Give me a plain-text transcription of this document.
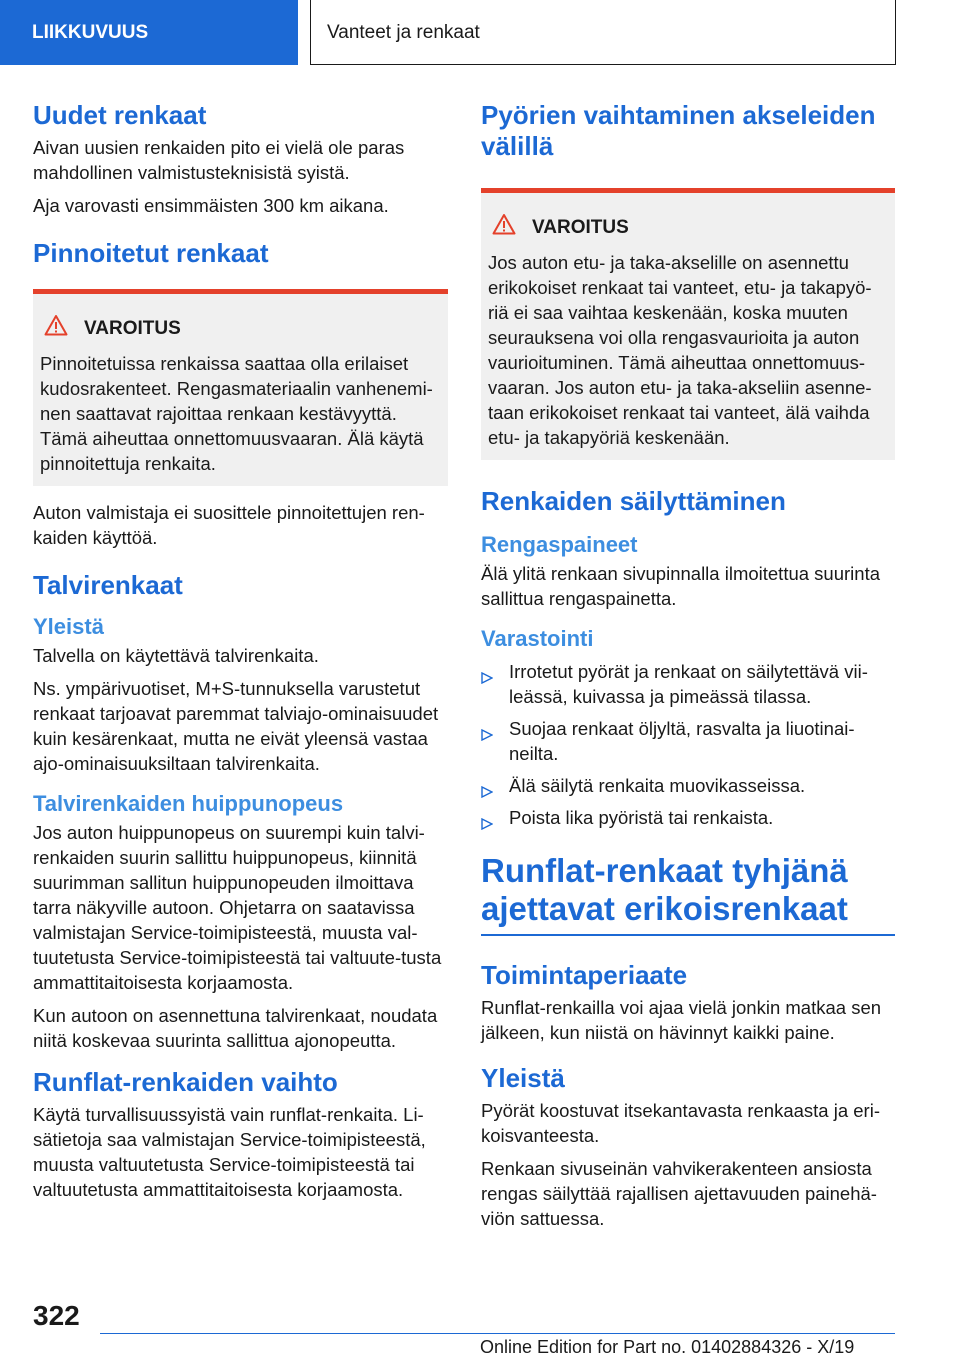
LIIKKUVUUS	Vanteet ja renkaat
Uudet renkaat

Aivan uusien renkaiden pito ei vielä ole paras mahdollinen valmistusteknisistä syistä.

Aja varovasti ensimmäisten 300 km aikana.

Pinnoitetut renkaat
VAROITUS

Pinnoitetuissa renkaissa saattaa olla erilaiset kudosrakenteet. Rengasmateriaalin vanhenemi‐nen saattavat rajoittaa renkaan kestävyyttä. Tämä aiheuttaa onnettomuusvaaran. Älä käytä pinnoitettuja renkaita.

Auton valmistaja ei suosittele pinnoitettujen ren‐kaiden käyttöä.

Talvirenkaat
Yleistä

Talvella on käytettävä talvirenkaita.

Ns. ympärivuotiset, M+S-tunnuksella varustetut renkaat tarjoavat paremmat talviajo-ominaisuudet kuin kesärenkaat, mutta ne eivät yleensä vastaa ajo-ominaisuuksiltaan talvirenkaita.

Talvirenkaiden huippunopeus

Jos auton huippunopeus on suurempi kuin talvi‐renkaiden suurin sallittu huippunopeus, kiinnitä suurimman sallitun huippunopeuden ilmoittava tarra näkyville autoon. Ohjetarra on saatavissa valmistajan Service-toimipisteestä, muusta val‐tuutetusta Service-toimipisteestä tai valtuute‐tusta ammattitaitoisesta korjaamosta.

Kun autoon on asennettuna talvirenkaat, noudata niitä koskevaa suurinta sallittua ajonopeutta.

Runflat-renkaiden vaihto

Käytä turvallisuussyistä vain runflat-renkaita. Li‐sätietoja saa valmistajan Service-toimipisteestä, muusta valtuutetusta Service-toimipisteestä tai valtuutetusta ammattitaitoisesta korjaamosta.

Pyörien vaihtaminen akseleiden välillä
VAROITUS

Jos auton etu- ja taka-akselille on asennettu erikokoiset renkaat tai vanteet, etu- ja takapyö‐riä ei saa vaihtaa keskenään, koska muuten seurauksena voi olla rengasvaurioita ja auton vaurioituminen. Tämä aiheuttaa onnettomuus‐vaaran. Jos auton etu- ja taka-akseliin asenne‐taan erikokoiset renkaat tai vanteet, älä vaihda etu- ja takapyöriä keskenään.

Renkaiden säilyttäminen
Rengaspaineet

Älä ylitä renkaan sivupinnalla ilmoitettua suurinta sallittua rengaspainetta.

Varastointi
Irrotetut pyörät ja renkaat on säilytettävä vii‐leässä, kuivassa ja pimeässä tilassa.
Suojaa renkaat öljyltä, rasvalta ja liuotinai‐neilta.
Älä säilytä renkaita muovikasseissa.
Poista lika pyöristä tai renkaista.
Runflat-renkaat tyhjänä ajettavat erikoisrenkaat
Toimintaperiaate

Runflat-renkailla voi ajaa vielä jonkin matkaa sen jälkeen, kun niistä on hävinnyt kaikki paine.

Yleistä

Pyörät koostuvat itsekantavasta renkaasta ja eri‐koisvanteesta.

Renkaan sivuseinän vahvikerakenteen ansiosta rengas säilyttää rajallisen ajettavuuden painehä‐viön sattuessa.

322
Online Edition for Part no. 01402884326 - X/19
